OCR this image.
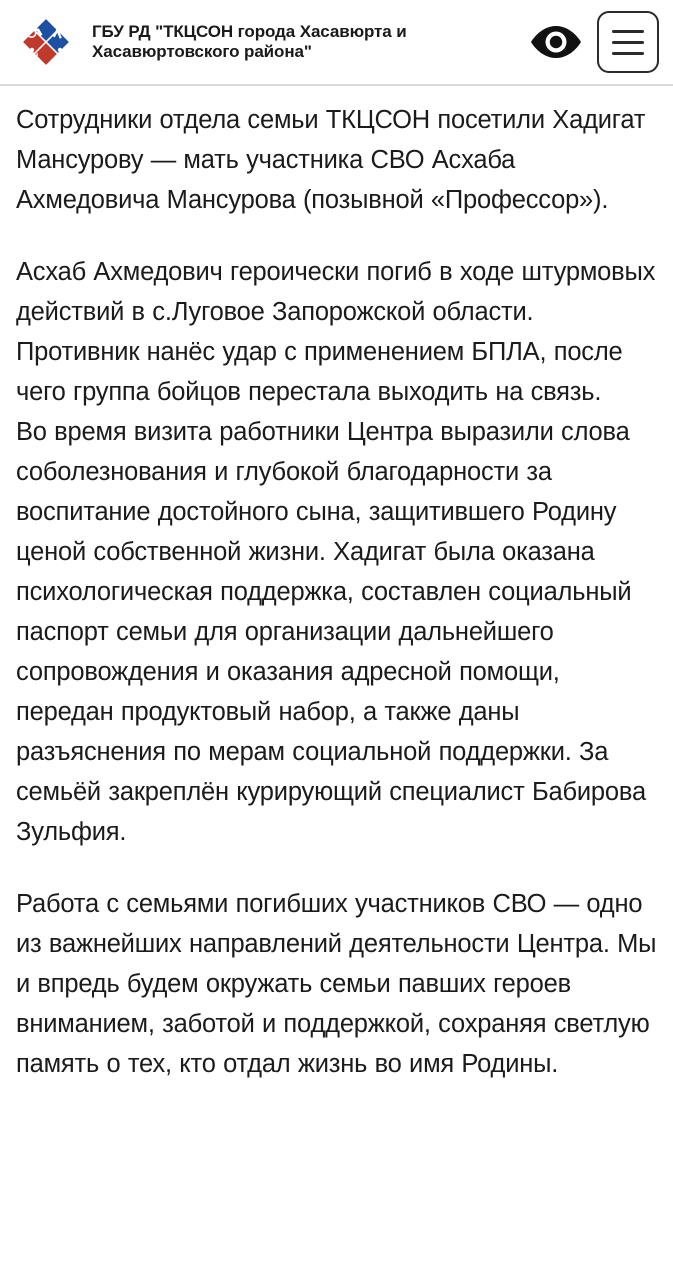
ГБУ РД "ТКЦСОН города Хасавюрта и Хасавюртовского района"

Сотрудники отдела семьи ТКЦСОН посетили Хадигат Мансурову — мать участника СВО Асхаба Ахмедовича Мансурова (позывной «Профессор»).

Асхаб Ахмедович героически погиб в ходе штурмовых действий в с.Луговое Запорожской области. Противник нанёс удар с применением БПЛА, после чего группа бойцов перестала выходить на связь.

Во время визита работники Центра выразили слова соболезнования и глубокой благодарности за воспитание достойного сына, защитившего Родину ценой собственной жизни. Хадигат была оказана психологическая поддержка, составлен социальный паспорт семьи для организации дальнейшего сопровождения и оказания адресной помощи, передан продуктовый набор, а также даны разъяснения по мерам социальной поддержки. За семьёй закреплён курирующий специалист Бабирова Зульфия.

Работа с семьями погибших участников СВО — одно из важнейших направлений деятельности Центра. Мы и впредь будем окружать семьи павших героев вниманием, заботой и поддержкой, сохраняя светлую память о тех, кто отдал жизнь во имя Родины.
